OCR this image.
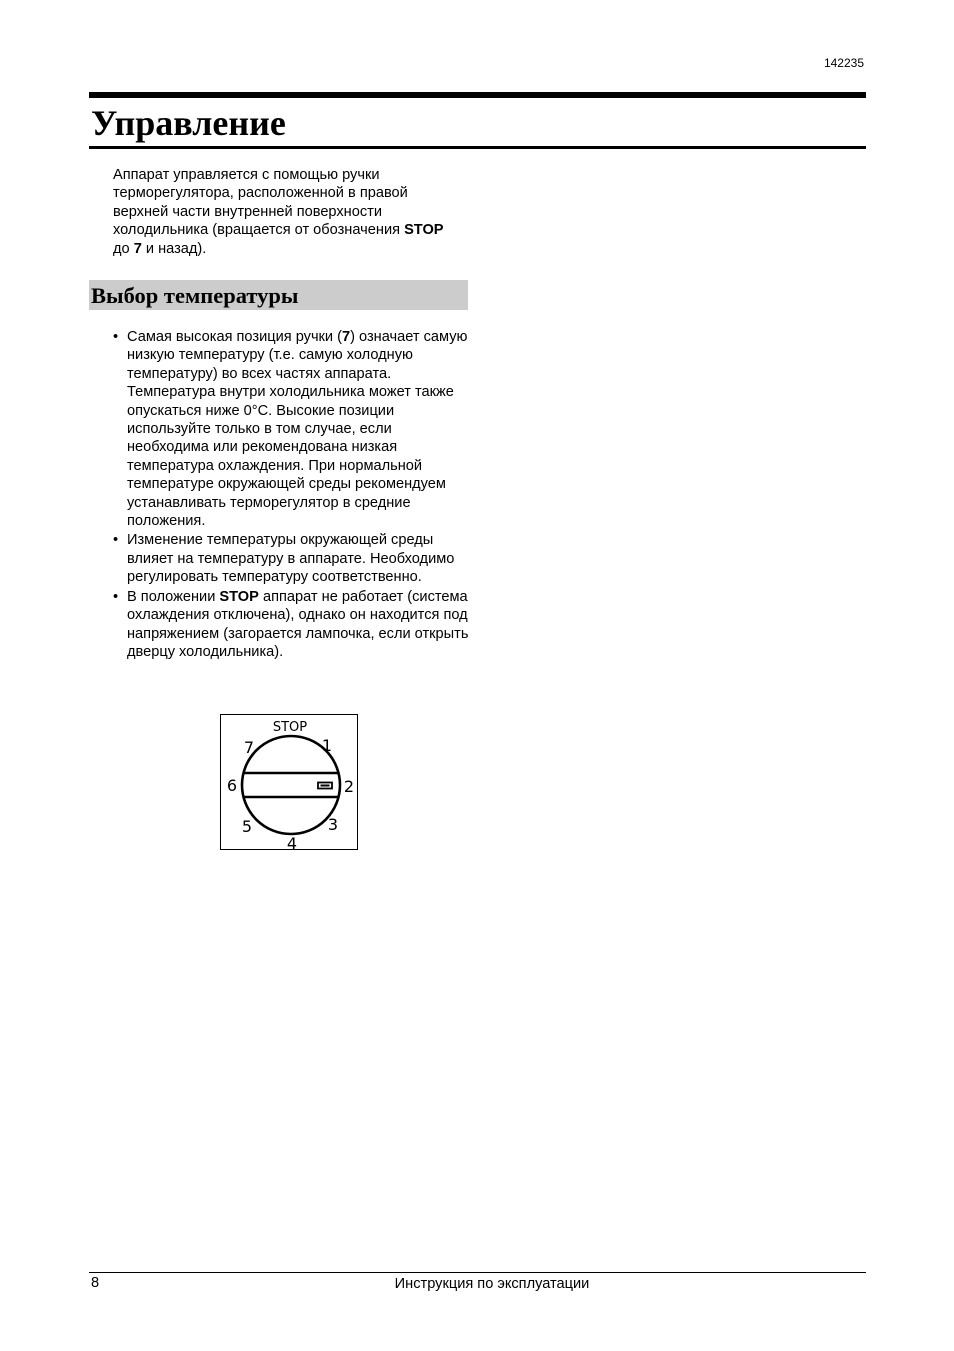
142235
Управление

Аппарат управляется с помощью ручки терморегулятора, расположенной в правой верхней части внутренней поверхности холодильника (вращается от обозначения STOP до 7 и назад).

Выбор температуры
• Самая высокая позиция ручки (7) означает самую низкую температуру (т.е. самую холодную температуру) во всех частях аппарата. Температура внутри холодильника может также опускаться ниже 0°C. Высокие позиции используйте только в том случае, если необходима или рекомендована низкая температура охлаждения. При нормальной температуре окружающей среды рекомендуем устанавливать терморегулятор в средние положения.
• Изменение температуры окружающей среды влияет на температуру в аппарате. Необходимо регулировать температуру соответственно.
• В положении STOP аппарат не работает (система охлаждения отключена), однако он находится под напряжением (загорается лампочка, если открыть дверцу холодильника).
STOP
1
2
3
4
5
6
7
8	Инструкция по эксплуатации
